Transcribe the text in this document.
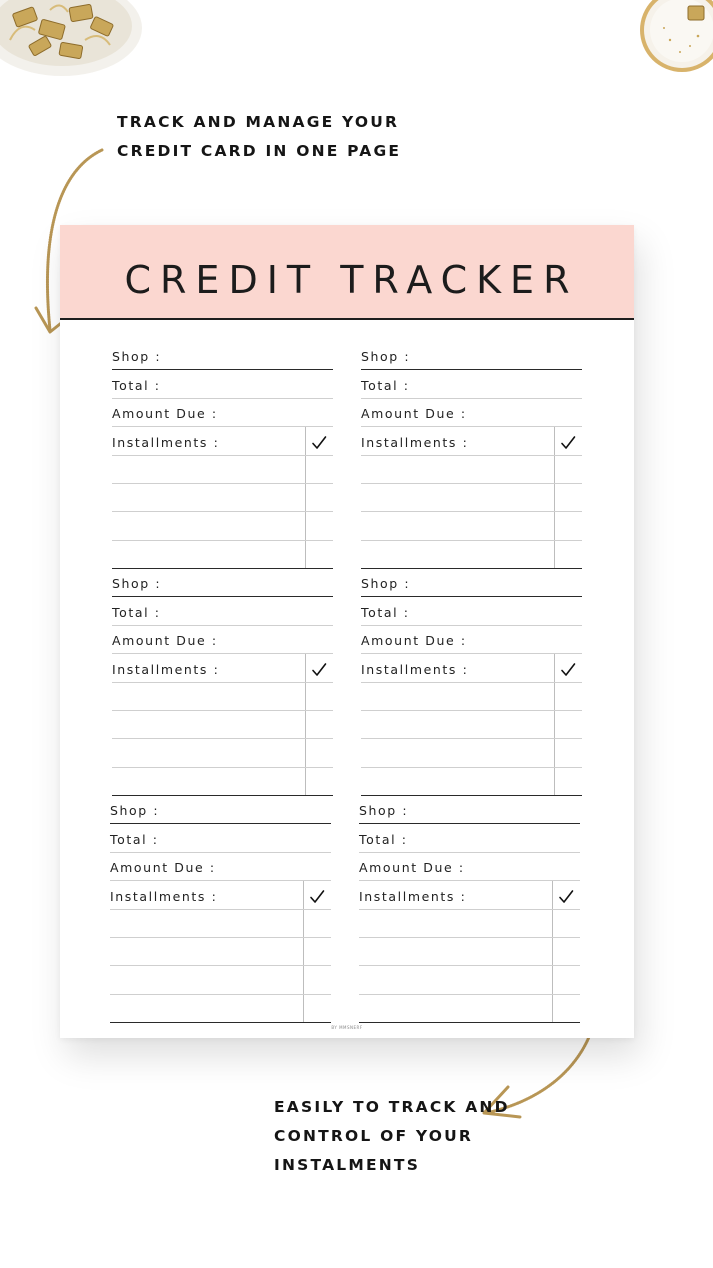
TRACK AND MANAGE YOUR
CREDIT CARD IN ONE PAGE
EASILY TO TRACK AND
CONTROL OF YOUR
INSTALMENTS
CREDIT TRACKER
Shop :
Total :
Amount Due :
Installments :
Shop :
Total :
Amount Due :
Installments :
Shop :
Total :
Amount Due :
Installments :
Shop :
Total :
Amount Due :
Installments :
Shop :
Total :
Amount Due :
Installments :
Shop :
Total :
Amount Due :
Installments :
BY MMSNERF
